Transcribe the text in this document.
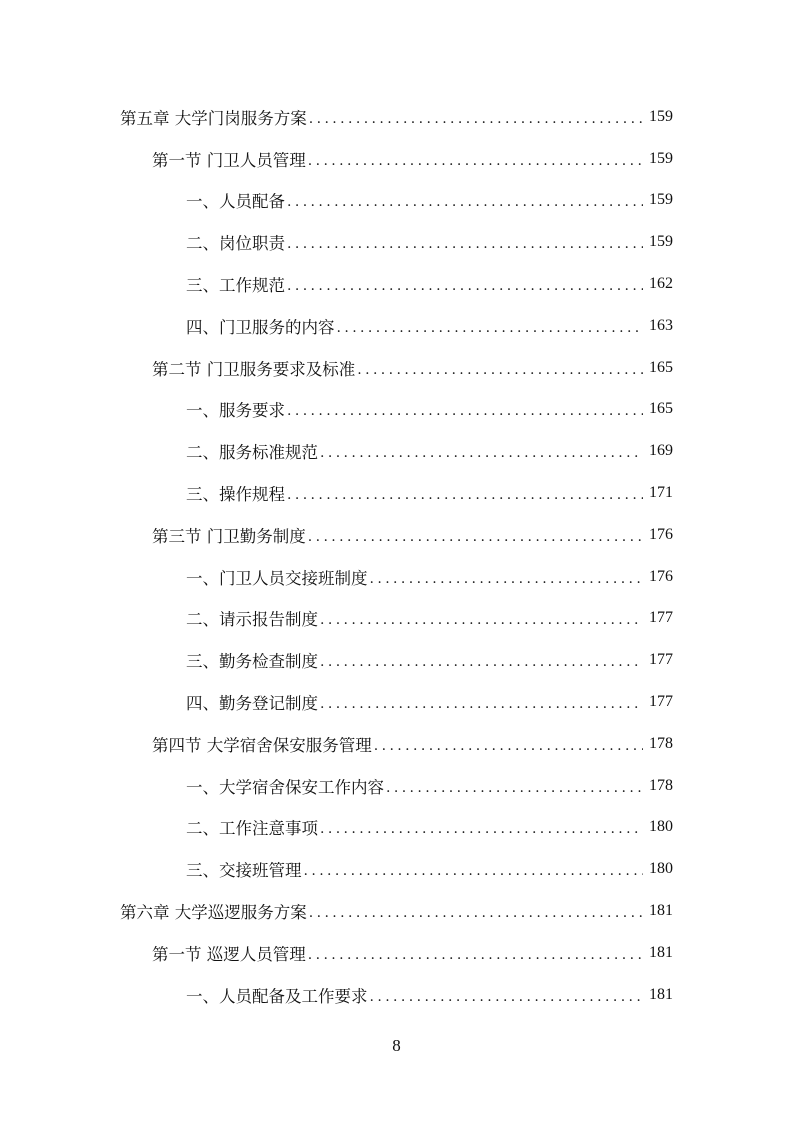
第五章 大学门岗服务方案 .....	159
第一节 门卫人员管理 .....	159
一、人员配备 .....	159
二、岗位职责 .....	159
三、工作规范 .....	162
四、门卫服务的内容 .....	163
第二节 门卫服务要求及标准 .....	165
一、服务要求 .....	165
二、服务标准规范 .....	169
三、操作规程 .....	171
第三节 门卫勤务制度 .....	176
一、门卫人员交接班制度 .....	176
二、请示报告制度 .....	177
三、勤务检查制度 .....	177
四、勤务登记制度 .....	177
第四节 大学宿舍保安服务管理 .....	178
一、大学宿舍保安工作内容 .....	178
二、工作注意事项 .....	180
三、交接班管理 .....	180
第六章 大学巡逻服务方案 .....	181
第一节 巡逻人员管理 .....	181
一、人员配备及工作要求 .....	181
8
